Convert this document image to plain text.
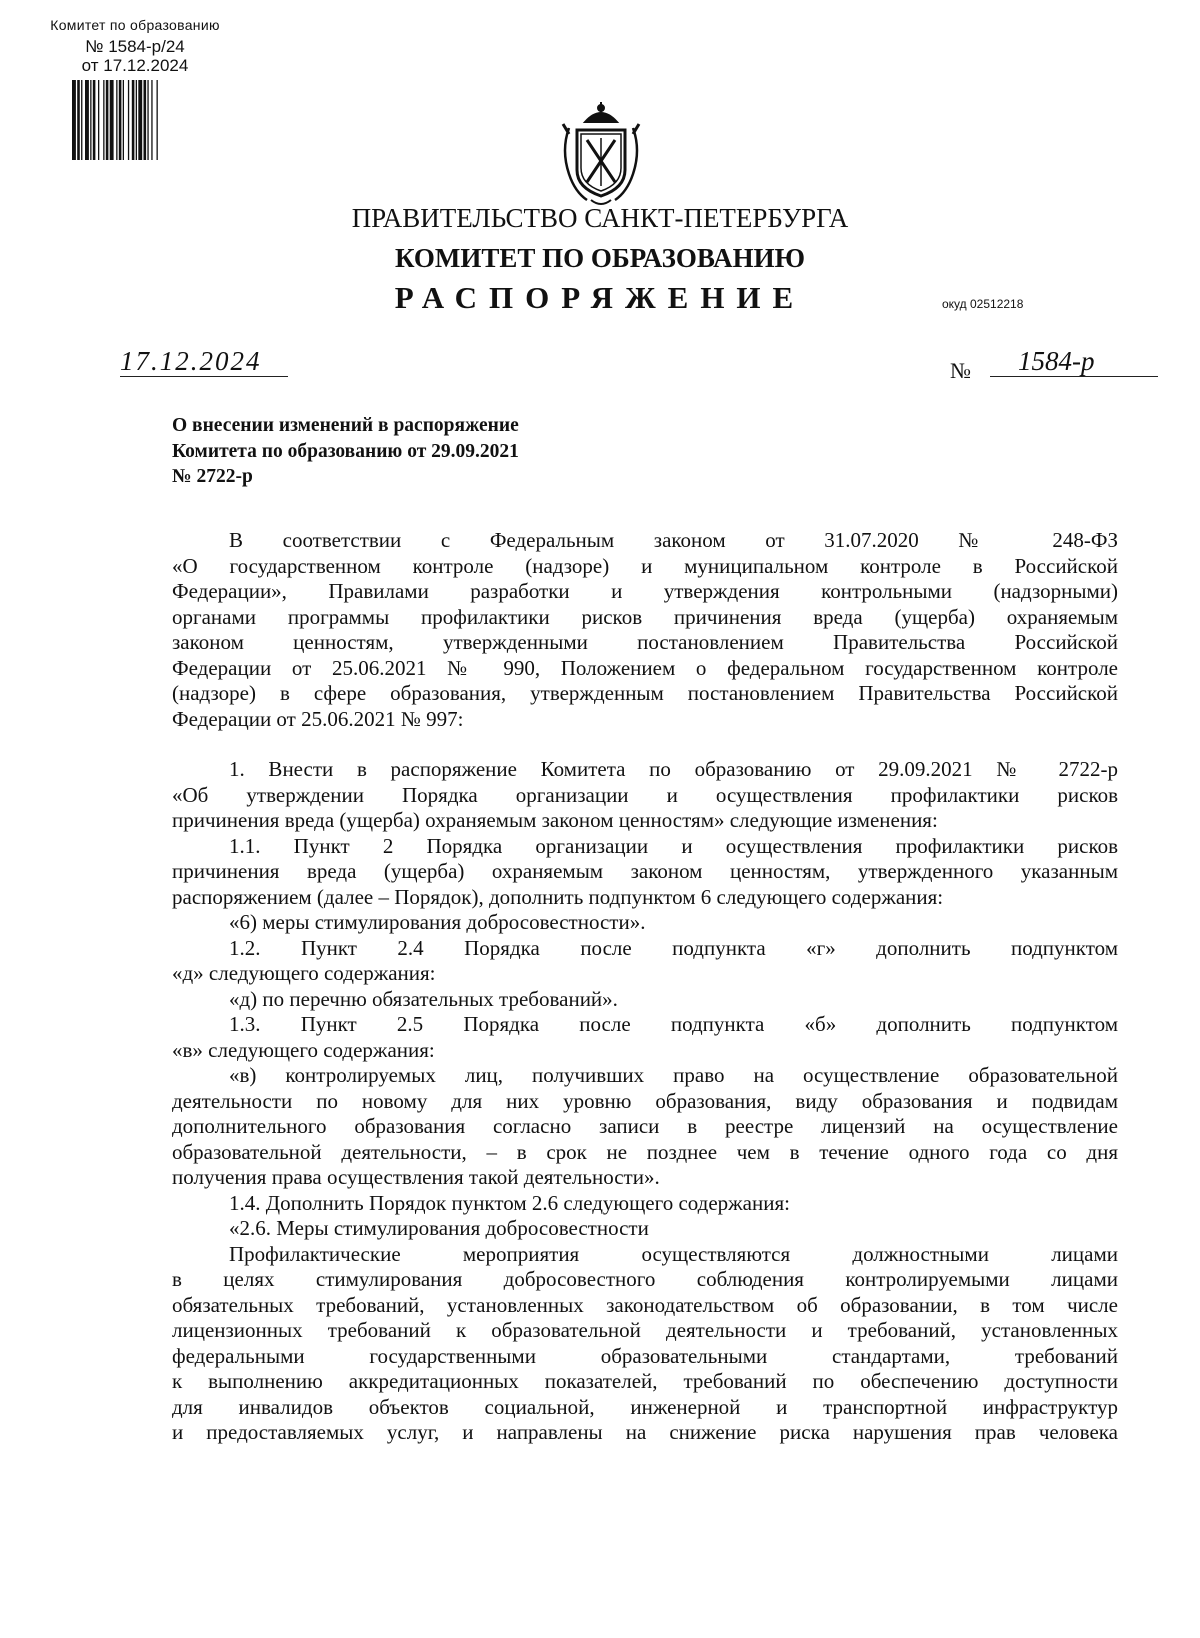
Комитет по образованию
№ 1584-р/24
от 17.12.2024
ПРАВИТЕЛЬСТВО САНКТ-ПЕТЕРБУРГА
КОМИТЕТ ПО ОБРАЗОВАНИЮ
РАСПОРЯЖЕНИЕ	окуд 02512218
17.12.2024	№	1584-р
О внесении изменений в распоряжение
Комитета по образованию от 29.09.2021
№ 2722-р

В соответствии с Федеральным законом от 31.07.2020 № 248-ФЗ

«О государственном контроле (надзоре) и муниципальном контроле в Российской

Федерации», Правилами разработки и утверждения контрольными (надзорными)

органами программы профилактики рисков причинения вреда (ущерба) охраняемым

законом ценностям, утвержденными постановлением Правительства Российской

Федерации от 25.06.2021 № 990, Положением о федеральном государственном контроле

(надзоре) в сфере образования, утвержденным постановлением Правительства Российской

Федерации от 25.06.2021 № 997:

1. Внести в распоряжение Комитета по образованию от 29.09.2021 № 2722-р

«Об утверждении Порядка организации и осуществления профилактики рисков

причинения вреда (ущерба) охраняемым законом ценностям» следующие изменения:

1.1. Пункт 2 Порядка организации и осуществления профилактики рисков

причинения вреда (ущерба) охраняемым законом ценностям, утвержденного указанным

распоряжением (далее – Порядок), дополнить подпунктом 6 следующего содержания:

«6) меры стимулирования добросовестности».

1.2. Пункт 2.4 Порядка после подпункта «г» дополнить подпунктом

«д» следующего содержания:

«д) по перечню обязательных требований».

1.3. Пункт 2.5 Порядка после подпункта «б» дополнить подпунктом

«в» следующего содержания:

«в) контролируемых лиц, получивших право на осуществление образовательной

деятельности по новому для них уровню образования, виду образования и подвидам

дополнительного образования согласно записи в реестре лицензий на осуществление

образовательной деятельности, – в срок не позднее чем в течение одного года со дня

получения права осуществления такой деятельности».

1.4. Дополнить Порядок пунктом 2.6 следующего содержания:

«2.6. Меры стимулирования добросовестности

Профилактические мероприятия осуществляются должностными лицами

в целях стимулирования добросовестного соблюдения контролируемыми лицами

обязательных требований, установленных законодательством об образовании, в том числе

лицензионных требований к образовательной деятельности и требований, установленных

федеральными государственными образовательными стандартами, требований

к выполнению аккредитационных показателей, требований по обеспечению доступности

для инвалидов объектов социальной, инженерной и транспортной инфраструктур

и предоставляемых услуг, и направлены на снижение риска нарушения прав человека
